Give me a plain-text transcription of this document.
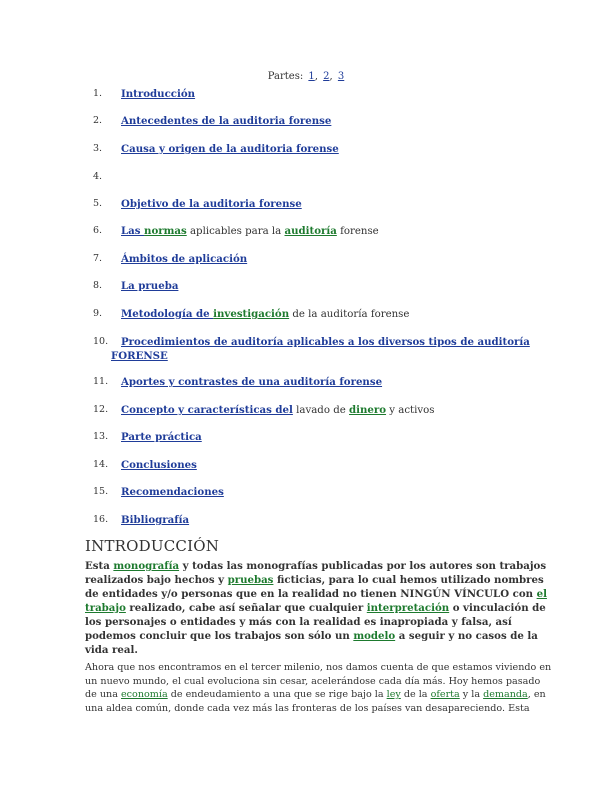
Partes: 1, 2, 3
1.	Introducción
2.	Antecedentes de la auditoria forense
3.	Causa y origen de la auditoria forense
4.
5.	Objetivo de la auditoria forense
6.	Las normas aplicables para la auditoría forense
7.	Ámbitos de aplicación
8.	La prueba
9.	Metodología de investigación de la auditoría forense
10.	Procedimientos de auditoría aplicables a los diversos tipos de auditoría
FORENSE
11.	Aportes y contrastes de una auditoría forense
12.	Concepto y características del lavado de dinero y activos
13.	Parte práctica
14.	Conclusiones
15.	Recomendaciones
16.	Bibliografía
INTRODUCCIÓN
Esta monografía y todas las monografías publicadas por los autores son trabajos
realizados bajo hechos y pruebas ficticias, para lo cual hemos utilizado nombres
de entidades y/o personas que en la realidad no tienen NINGÚN VÍNCULO con el
trabajo realizado, cabe así señalar que cualquier interpretación o vinculación de
los personajes o entidades y más con la realidad es inapropiada y falsa, así
podemos concluir que los trabajos son sólo un modelo a seguir y no casos de la
vida real.
Ahora que nos encontramos en el tercer milenio, nos damos cuenta de que estamos viviendo en
un nuevo mundo, el cual evoluciona sin cesar, acelerándose cada día más. Hoy hemos pasado
de una economía de endeudamiento a una que se rige bajo la ley de la oferta y la demanda, en
una aldea común, donde cada vez más las fronteras de los países van desapareciendo. Esta
